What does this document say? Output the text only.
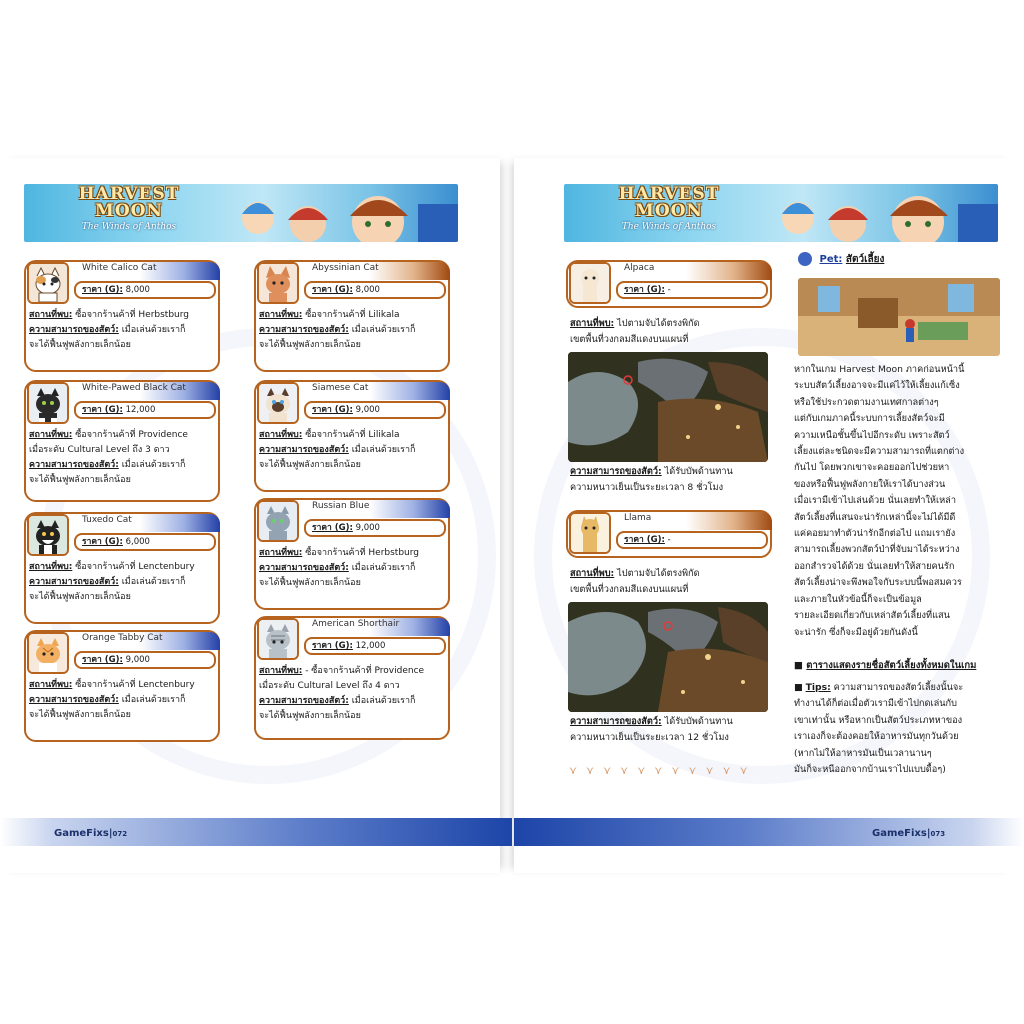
HARVEST MOON
The Winds of Anthos
White Calico Cat
ราคา (G): 8,000
สถานที่พบ: ซื้อจากร้านค้าที่ Herbstburg
ความสามารถของสัตว์: เมื่อเล่นด้วยเราก็
จะได้ฟื้นฟูพลังกายเล็กน้อย
White-Pawed Black Cat
ราคา (G): 12,000
สถานที่พบ: ซื้อจากร้านค้าที่ Providence
เมื่อระดับ Cultural Level ถึง 3 ดาว
ความสามารถของสัตว์: เมื่อเล่นด้วยเราก็
จะได้ฟื้นฟูพลังกายเล็กน้อย
Tuxedo Cat
ราคา (G): 6,000
สถานที่พบ: ซื้อจากร้านค้าที่ Lenctenbury
ความสามารถของสัตว์: เมื่อเล่นด้วยเราก็
จะได้ฟื้นฟูพลังกายเล็กน้อย
Orange Tabby Cat
ราคา (G): 9,000
สถานที่พบ: ซื้อจากร้านค้าที่ Lenctenbury
ความสามารถของสัตว์: เมื่อเล่นด้วยเราก็
จะได้ฟื้นฟูพลังกายเล็กน้อย
Abyssinian Cat
ราคา (G): 8,000
สถานที่พบ: ซื้อจากร้านค้าที่ Lilikala
ความสามารถของสัตว์: เมื่อเล่นด้วยเราก็
จะได้ฟื้นฟูพลังกายเล็กน้อย
Siamese Cat
ราคา (G): 9,000
สถานที่พบ: ซื้อจากร้านค้าที่ Lilikala
ความสามารถของสัตว์: เมื่อเล่นด้วยเราก็
จะได้ฟื้นฟูพลังกายเล็กน้อย
Russian Blue
ราคา (G): 9,000
สถานที่พบ: ซื้อจากร้านค้าที่ Herbstburg
ความสามารถของสัตว์: เมื่อเล่นด้วยเราก็
จะได้ฟื้นฟูพลังกายเล็กน้อย
American Shorthair
ราคา (G): 12,000
สถานที่พบ: - ซื้อจากร้านค้าที่ Providence
เมื่อระดับ Cultural Level ถึง 4 ดาว
ความสามารถของสัตว์: เมื่อเล่นด้วยเราก็
จะได้ฟื้นฟูพลังกายเล็กน้อย
HARVEST MOON
The Winds of Anthos
Alpaca
ราคา (G): -
สถานที่พบ: ไปตามจับได้ตรงพิกัด
เขตพื้นที่วงกลมสีแดงบนแผนที่
ความสามารถของสัตว์: ได้รับบัพด้านทาน
ความหนาวเย็นเป็นระยะเวลา 8 ชั่วโมง
Llama
ราคา (G): -
สถานที่พบ: ไปตามจับได้ตรงพิกัด
เขตพื้นที่วงกลมสีแดงบนแผนที่
ความสามารถของสัตว์: ได้รับบัพด้านทาน
ความหนาวเย็นเป็นระยะเวลา 12 ชั่วโมง
⋎⋎⋎⋎⋎⋎⋎⋎⋎⋎⋎
Pet: สัตว์เลี้ยง
หากในเกม Harvest Moon ภาคก่อนหน้านี้
ระบบสัตว์เลี้ยงอาจจะมีแค่ไว้ให้เลี้ยงแก้เซ็ง
หรือใช้ประกวดตามงานเทศกาลต่างๆ
แต่กับเกมภาคนี้ระบบการเลี้ยงสัตว์จะมี
ความเหนือชั้นขึ้นไปอีกระดับ เพราะสัตว์
เลี้ยงแต่ละชนิดจะมีความสามารถที่แตกต่าง
กันไป โดยพวกเขาจะคอยออกไปช่วยหา
ของหรือฟื้นฟูพลังกายให้เราได้บางส่วน
เมื่อเรามีเข้าไปเล่นด้วย นั่นเลยทำให้เหล่า
สัตว์เลี้ยงที่แสนจะน่ารักเหล่านี้จะไม่ได้มีดี
แค่คอยมาทำตัวน่ารักอีกต่อไป แถมเรายัง
สามารถเลี้ยงพวกสัตว์ป่าที่จับมาได้ระหว่าง
ออกสำรวจได้ด้วย นั่นเลยทำให้สายคนรัก
สัตว์เลี้ยงน่าจะพึงพอใจกับระบบนี้พอสมควร
และภายในหัวข้อนี้ก็จะเป็นข้อมูล
รายละเอียดเกี่ยวกับเหล่าสัตว์เลี้ยงที่แสน
จะน่ารัก ซึ่งก็จะมีอยู่ด้วยกันดังนี้
■ ตารางแสดงรายชื่อสัตว์เลี้ยงทั้งหมดในเกม
■ Tips: ความสามารถของสัตว์เลี้ยงนั้นจะ
ทำงานได้ก็ต่อเมื่อตัวเรามีเข้าไปกดเล่นกับ
เขาเท่านั้น หรือหากเป็นสัตว์ประเภทหาของ
เราเองก็จะต้องคอยให้อาหารมันทุกวันด้วย
(หากไม่ให้อาหารมันเป็นเวลานานๆ
มันก็จะหนีออกจากบ้านเราไปแบบดื้อๆ)
GameFixs|072	GameFixs|073
